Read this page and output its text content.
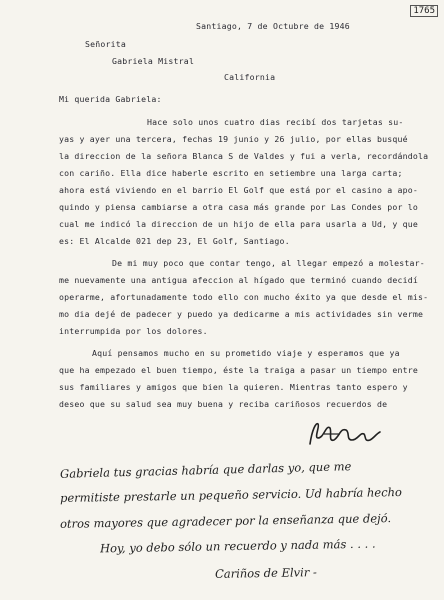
1765
Santiago, 7 de Octubre de 1946
Señorita
Gabriela Mistral
California
Mi querida Gabriela:
Hace solo unos cuatro dias recibí dos tarjetas su-
yas y ayer una tercera, fechas 19 junio y 26 julio, por ellas busqué
la direccion de la señora Blanca S de Valdes y fui a verla, recordándola
con cariño. Ella dice haberle escrito en setiembre una larga carta;
ahora está viviendo en el barrio El Golf que está por el casino a apo-
quindo y piensa cambiarse a otra casa más grande por Las Condes por lo
cual me indicó la direccion de un hijo de ella para usarla a Ud, y que
es: El Alcalde 021 dep 23, El Golf, Santiago.
De mi muy poco que contar tengo, al llegar empezó a molestar-
me nuevamente una antigua afeccion al hígado que terminó cuando decidí
operarme, afortunadamente todo ello con mucho éxito ya que desde el mis-
mo dia dejé de padecer y puedo ya dedicarme a mis actividades sin verme
interrumpida por los dolores.
Aquí pensamos mucho en su prometido viaje y esperamos que ya
que ha empezado el buen tiempo, éste la traiga a pasar un tiempo entre
sus familiares y amigos que bien la quieren. Mientras tanto espero y
deseo que su salud sea muy buena y reciba cariñosos recuerdos de
Gabriela tus gracias habría que darlas yo, que me
permitiste prestarle un pequeño servicio. Ud habría hecho
otros mayores que agradecer por la enseñanza que dejó.
Hoy, yo debo sólo un recuerdo y nada más . . . .
Cariños de Elvir -
